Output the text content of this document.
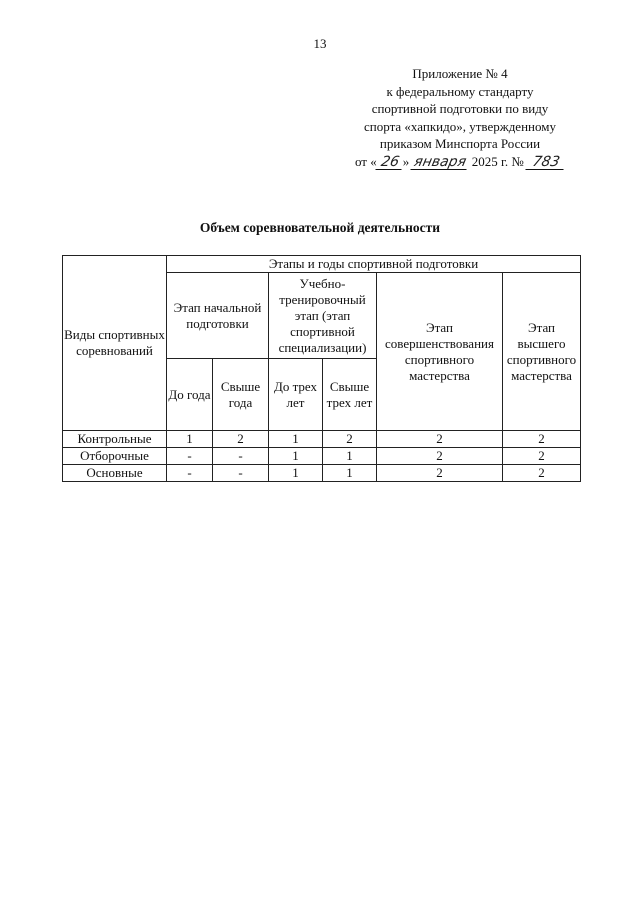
13
Приложение № 4
к федеральному стандарту
спортивной подготовки по виду
спорта «хапкидо», утвержденному
приказом Минспорта России
от « 26 » января 2025 г. № 783
Объем соревновательной деятельности
Виды спортивных соревнований	Этапы и годы спортивной подготовки					
	Этап начальной подготовки		Учебно-тренировочный этап (этап спортивной специализации)		Этап совершенствования спортивного мастерства	Этап высшего спортивного мастерства
	До года	Свыше года	До трех лет	Свыше трех лет		
Контрольные	1	2	1	2	2	2
Отборочные	-	-	1	1	2	2
Основные	-	-	1	1	2	2
